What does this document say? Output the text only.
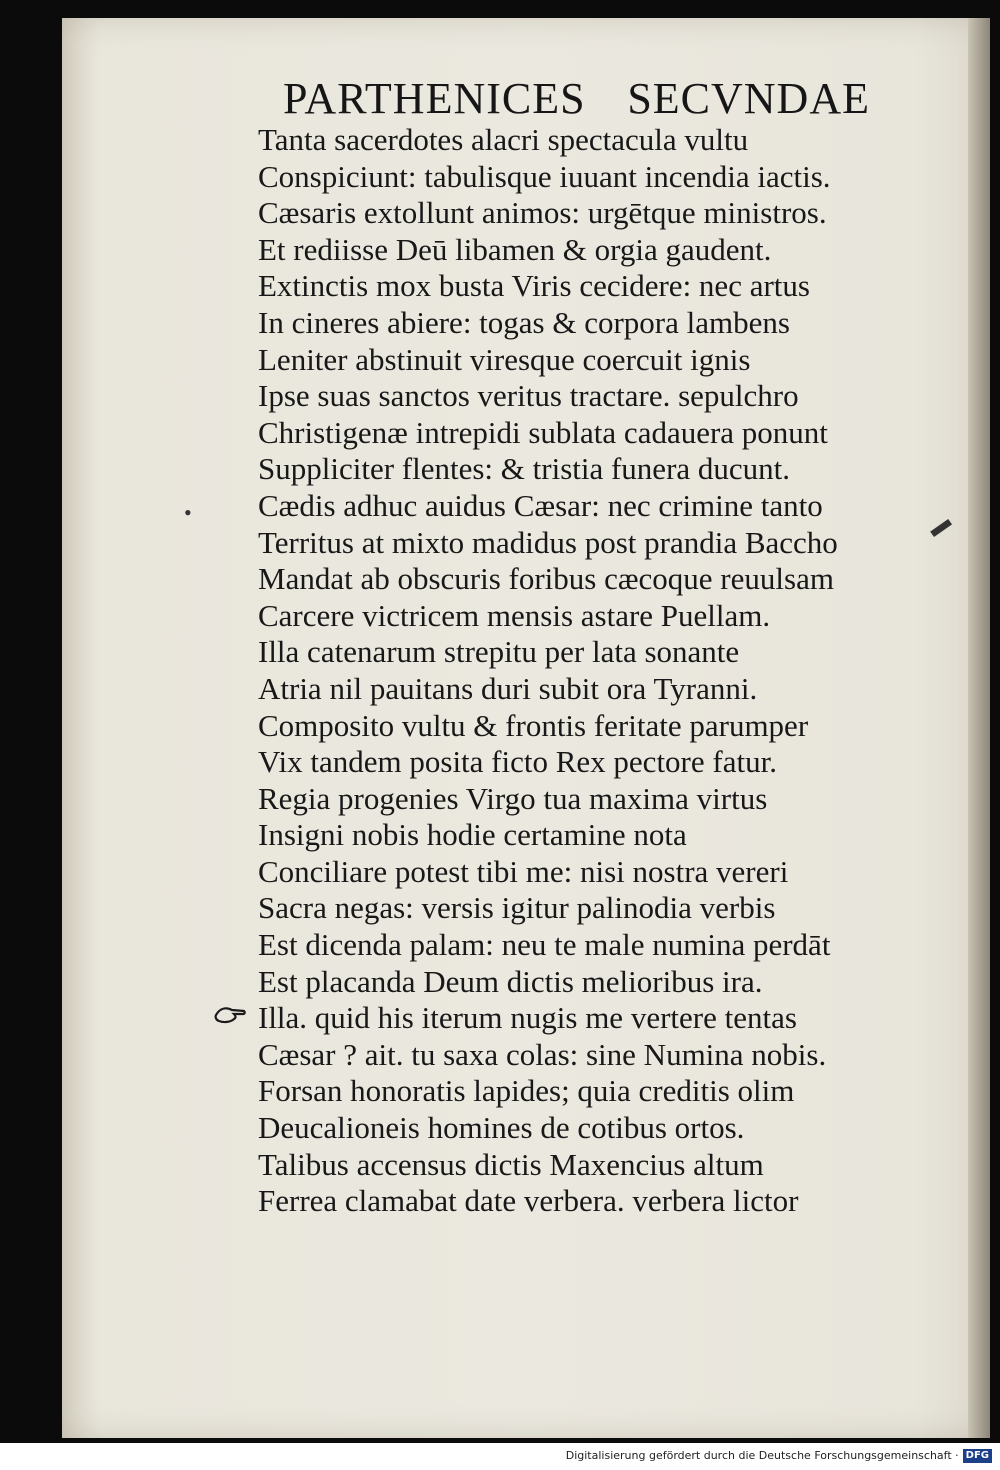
PARTHENICES SECVNDAE
Tanta sacerdotes alacri spectacula vultu
Conspiciunt: tabulisque iuuant incendia iactis.
Cæsaris extollunt animos: urgētque ministros.
Et rediisse Deū libamen & orgia gaudent.
Extinctis mox busta Viris cecidere: nec artus
In cineres abiere: togas & corpora lambens
Leniter abstinuit viresque coercuit ignis
Ipse suas sanctos veritus tractare. sepulchro
Christigenæ intrepidi sublata cadauera ponunt
Suppliciter flentes: & tristia funera ducunt.
Cædis adhuc auidus Cæsar: nec crimine tanto
Territus at mixto madidus post prandia Baccho
Mandat ab obscuris foribus cæcoque reuulsam
Carcere victricem mensis astare Puellam.
Illa catenarum strepitu per lata sonante
Atria nil pauitans duri subit ora Tyranni.
Composito vultu & frontis feritate parumper
Vix tandem posita ficto Rex pectore fatur.
Regia progenies Virgo tua maxima virtus
Insigni nobis hodie certamine nota
Conciliare potest tibi me: nisi nostra vereri
Sacra negas: versis igitur palinodia verbis
Est dicenda palam: neu te male numina perdāt
Est placanda Deum dictis melioribus ira.
Illa. quid his iterum nugis me vertere tentas
Cæsar ? ait. tu saxa colas: sine Numina nobis.
Forsan honoratis lapides; quia creditis olim
Deucalioneis homines de cotibus ortos.
Talibus accensus dictis Maxencius altum
Ferrea clamabat date verbera. verbera lictor
•	▬
Digitalisierung gefördert durch die Deutsche Forschungsgemeinschaft · DFG
